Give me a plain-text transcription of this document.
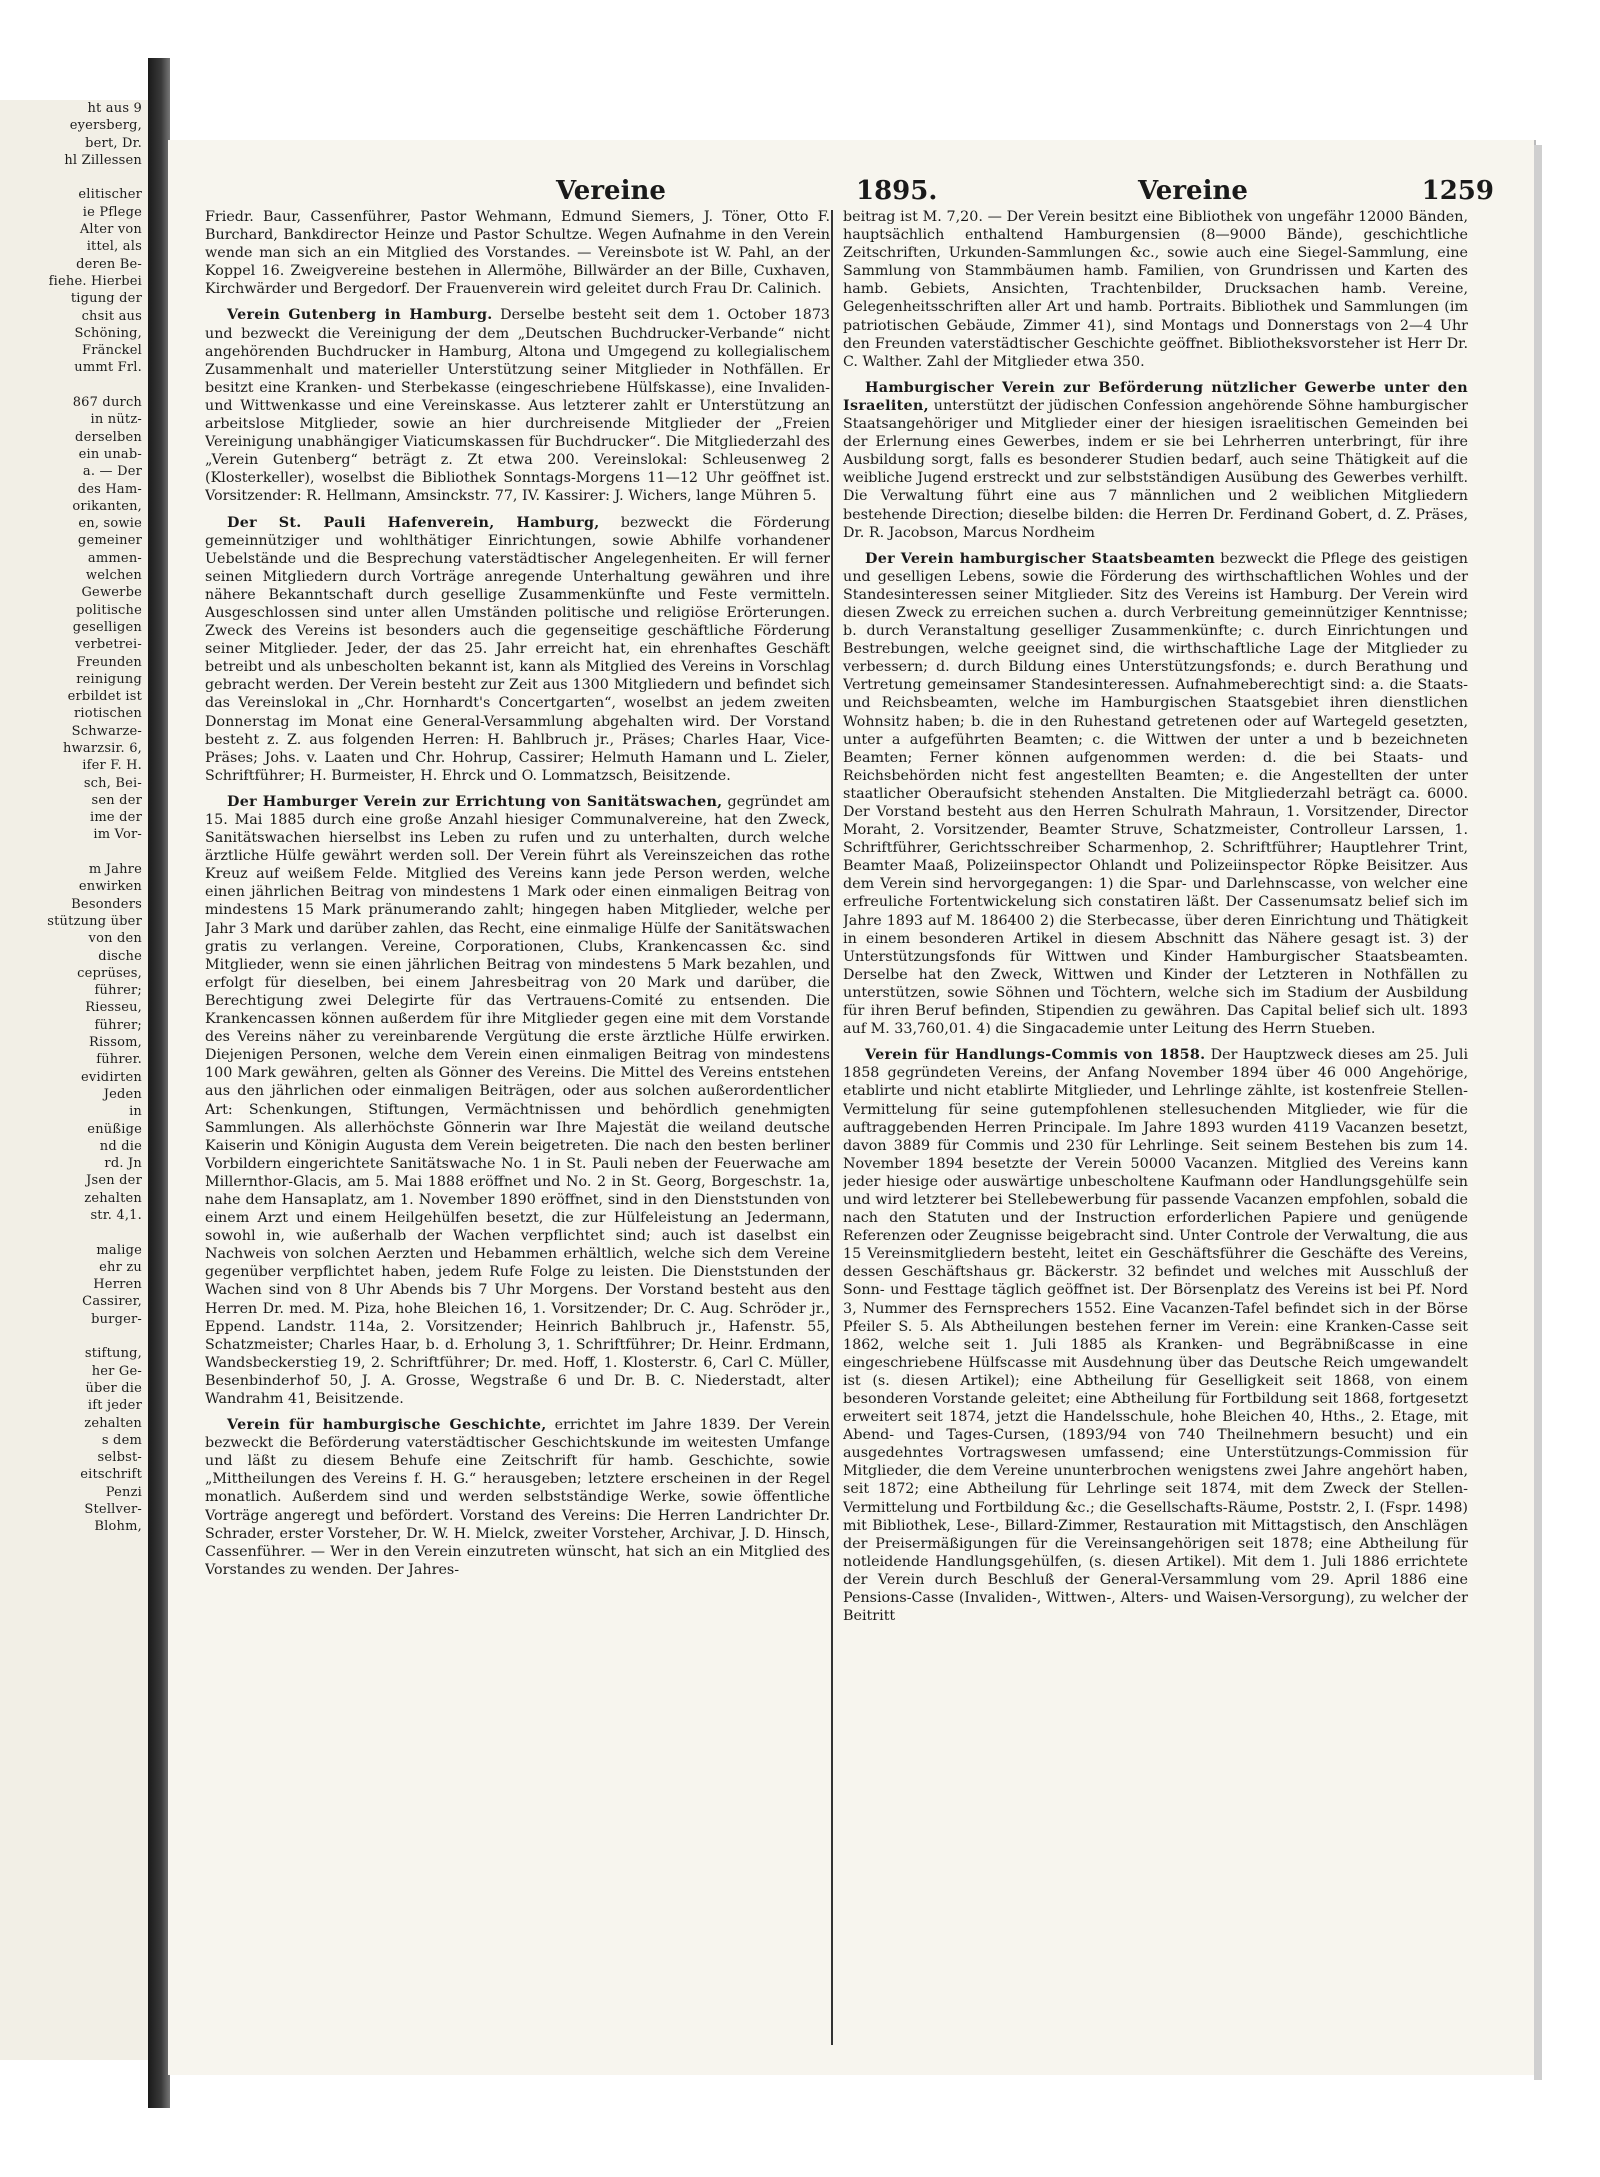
ht aus 9
eyersberg,
bert, Dr.
hl Zillessen

elitischer
ie Pflege
Alter von
ittel, als
deren Be-
fiehe. Hierbei
tigung der
chsit aus
Schöning,
Fränckel
ummt Frl.

867 durch
in nütz-
derselben
ein unab-
a. — Der
des Ham-
orikanten,
en, sowie
gemeiner
ammen-
welchen
Gewerbe
politische
geselligen
verbetrei-
Freunden
reinigung
erbildet ist
riotischen
Schwarze-
hwarzsir. 6,
ifer F. H.
sch, Bei-
sen der
ime der
im Vor-

m Jahre
enwirken
Besonders
stützung über
von den
dische
ceprüses,
führer;
Riesseu,
führer;
Rissom,
führer.
evidirten
Jeden
in
enüßige
nd die
rd. Jn
Jsen der
zehalten
str. 4,1.

malige
ehr zu
Herren
Cassirer,
burger-

stiftung,
her Ge-
über die
ift jeder
zehalten
s dem
selbst-
eitschrift
Penzi
Stellver-
Blohm,
Vereine	1895.	Vereine	1259

Friedr. Baur, Cassenführer, Pastor Wehmann, Edmund Siemers, J. Töner, Otto F. Burchard, Bankdirector Heinze und Pastor Schultze. Wegen Aufnahme in den Verein wende man sich an ein Mitglied des Vorstandes. — Vereinsbote ist W. Pahl, an der Koppel 16. Zweigvereine bestehen in Allermöhe, Billwärder an der Bille, Cuxhaven, Kirchwärder und Bergedorf. Der Frauenverein wird geleitet durch Frau Dr. Calinich.

Verein Gutenberg in Hamburg. Derselbe besteht seit dem 1. October 1873 und bezweckt die Vereinigung der dem „Deutschen Buchdrucker-Verbande“ nicht angehörenden Buchdrucker in Hamburg, Altona und Umgegend zu kollegialischem Zusammenhalt und materieller Unterstützung seiner Mitglieder in Nothfällen. Er besitzt eine Kranken- und Sterbekasse (eingeschriebene Hülfskasse), eine Invaliden- und Wittwenkasse und eine Vereinskasse. Aus letzterer zahlt er Unterstützung an arbeitslose Mitglieder, sowie an hier durchreisende Mitglieder der „Freien Vereinigung unabhängiger Viaticumskassen für Buchdrucker“. Die Mitgliederzahl des „Verein Gutenberg“ beträgt z. Zt etwa 200. Vereinslokal: Schleusenweg 2 (Klosterkeller), woselbst die Bibliothek Sonntags-Morgens 11—12 Uhr geöffnet ist. Vorsitzender: R. Hellmann, Amsinckstr. 77, IV. Kassirer: J. Wichers, lange Mühren 5.

Der St. Pauli Hafenverein, Hamburg, bezweckt die Förderung gemeinnütziger und wohlthätiger Einrichtungen, sowie Abhilfe vorhandener Uebelstände und die Besprechung vaterstädtischer Angelegenheiten. Er will ferner seinen Mitgliedern durch Vorträge anregende Unterhaltung gewähren und ihre nähere Bekanntschaft durch gesellige Zusammenkünfte und Feste vermitteln. Ausgeschlossen sind unter allen Umständen politische und religiöse Erörterungen. Zweck des Vereins ist besonders auch die gegenseitige geschäftliche Förderung seiner Mitglieder. Jeder, der das 25. Jahr erreicht hat, ein ehrenhaftes Geschäft betreibt und als unbescholten bekannt ist, kann als Mitglied des Vereins in Vorschlag gebracht werden. Der Verein besteht zur Zeit aus 1300 Mitgliedern und befindet sich das Vereinslokal in „Chr. Hornhardt's Concertgarten“, woselbst an jedem zweiten Donnerstag im Monat eine General-Versammlung abgehalten wird. Der Vorstand besteht z. Z. aus folgenden Herren: H. Bahlbruch jr., Präses; Charles Haar, Vice-Präses; Johs. v. Laaten und Chr. Hohrup, Cassirer; Helmuth Hamann und L. Zieler, Schriftführer; H. Burmeister, H. Ehrck und O. Lommatzsch, Beisitzende.

Der Hamburger Verein zur Errichtung von Sanitätswachen, gegründet am 15. Mai 1885 durch eine große Anzahl hiesiger Communalvereine, hat den Zweck, Sanitätswachen hierselbst ins Leben zu rufen und zu unterhalten, durch welche ärztliche Hülfe gewährt werden soll. Der Verein führt als Vereinszeichen das rothe Kreuz auf weißem Felde. Mitglied des Vereins kann jede Person werden, welche einen jährlichen Beitrag von mindestens 1 Mark oder einen einmaligen Beitrag von mindestens 15 Mark pränumerando zahlt; hingegen haben Mitglieder, welche per Jahr 3 Mark und darüber zahlen, das Recht, eine einmalige Hülfe der Sanitätswachen gratis zu verlangen. Vereine, Corporationen, Clubs, Krankencassen &c. sind Mitglieder, wenn sie einen jährlichen Beitrag von mindestens 5 Mark bezahlen, und erfolgt für dieselben, bei einem Jahresbeitrag von 20 Mark und darüber, die Berechtigung zwei Delegirte für das Vertrauens-Comité zu entsenden. Die Krankencassen können außerdem für ihre Mitglieder gegen eine mit dem Vorstande des Vereins näher zu vereinbarende Vergütung die erste ärztliche Hülfe erwirken. Diejenigen Personen, welche dem Verein einen einmaligen Beitrag von mindestens 100 Mark gewähren, gelten als Gönner des Vereins. Die Mittel des Vereins entstehen aus den jährlichen oder einmaligen Beiträgen, oder aus solchen außerordentlicher Art: Schenkungen, Stiftungen, Vermächtnissen und behördlich genehmigten Sammlungen. Als allerhöchste Gönnerin war Ihre Majestät die weiland deutsche Kaiserin und Königin Augusta dem Verein beigetreten. Die nach den besten berliner Vorbildern eingerichtete Sanitätswache No. 1 in St. Pauli neben der Feuerwache am Millernthor-Glacis, am 5. Mai 1888 eröffnet und No. 2 in St. Georg, Borgeschstr. 1a, nahe dem Hansaplatz, am 1. November 1890 eröffnet, sind in den Dienststunden von einem Arzt und einem Heilgehülfen besetzt, die zur Hülfeleistung an Jedermann, sowohl in, wie außerhalb der Wachen verpflichtet sind; auch ist daselbst ein Nachweis von solchen Aerzten und Hebammen erhältlich, welche sich dem Vereine gegenüber verpflichtet haben, jedem Rufe Folge zu leisten. Die Dienststunden der Wachen sind von 8 Uhr Abends bis 7 Uhr Morgens. Der Vorstand besteht aus den Herren Dr. med. M. Piza, hohe Bleichen 16, 1. Vorsitzender; Dr. C. Aug. Schröder jr., Eppend. Landstr. 114a, 2. Vorsitzender; Heinrich Bahlbruch jr., Hafenstr. 55, Schatzmeister; Charles Haar, b. d. Erholung 3, 1. Schriftführer; Dr. Heinr. Erdmann, Wandsbeckerstieg 19, 2. Schriftführer; Dr. med. Hoff, 1. Klosterstr. 6, Carl C. Müller, Besenbinderhof 50, J. A. Grosse, Wegstraße 6 und Dr. B. C. Niederstadt, alter Wandrahm 41, Beisitzende.

Verein für hamburgische Geschichte, errichtet im Jahre 1839. Der Verein bezweckt die Beförderung vaterstädtischer Geschichtskunde im weitesten Umfange und läßt zu diesem Behufe eine Zeitschrift für hamb. Geschichte, sowie „Mittheilungen des Vereins f. H. G.“ herausgeben; letztere erscheinen in der Regel monatlich. Außerdem sind und werden selbstständige Werke, sowie öffentliche Vorträge angeregt und befördert. Vorstand des Vereins: Die Herren Landrichter Dr. Schrader, erster Vorsteher, Dr. W. H. Mielck, zweiter Vorsteher, Archivar, J. D. Hinsch, Cassenführer. — Wer in den Verein einzutreten wünscht, hat sich an ein Mitglied des Vorstandes zu wenden. Der Jahres-

beitrag ist M. 7,20. — Der Verein besitzt eine Bibliothek von ungefähr 12000 Bänden, hauptsächlich enthaltend Hamburgensien (8—9000 Bände), geschichtliche Zeitschriften, Urkunden-Sammlungen &c., sowie auch eine Siegel-Sammlung, eine Sammlung von Stammbäumen hamb. Familien, von Grundrissen und Karten des hamb. Gebiets, Ansichten, Trachtenbilder, Drucksachen hamb. Vereine, Gelegenheitsschriften aller Art und hamb. Portraits. Bibliothek und Sammlungen (im patriotischen Gebäude, Zimmer 41), sind Montags und Donnerstags von 2—4 Uhr den Freunden vaterstädtischer Geschichte geöffnet. Bibliotheksvorsteher ist Herr Dr. C. Walther. Zahl der Mitglieder etwa 350.

Hamburgischer Verein zur Beförderung nützlicher Gewerbe unter den Israeliten, unterstützt der jüdischen Confession angehörende Söhne hamburgischer Staatsangehöriger und Mitglieder einer der hiesigen israelitischen Gemeinden bei der Erlernung eines Gewerbes, indem er sie bei Lehrherren unterbringt, für ihre Ausbildung sorgt, falls es besonderer Studien bedarf, auch seine Thätigkeit auf die weibliche Jugend erstreckt und zur selbstständigen Ausübung des Gewerbes verhilft. Die Verwaltung führt eine aus 7 männlichen und 2 weiblichen Mitgliedern bestehende Direction; dieselbe bilden: die Herren Dr. Ferdinand Gobert, d. Z. Präses, Dr. R. Jacobson, Marcus Nordheim

Der Verein hamburgischer Staatsbeamten bezweckt die Pflege des geistigen und geselligen Lebens, sowie die Förderung des wirthschaftlichen Wohles und der Standesinteressen seiner Mitglieder. Sitz des Vereins ist Hamburg. Der Verein wird diesen Zweck zu erreichen suchen a. durch Verbreitung gemeinnütziger Kenntnisse; b. durch Veranstaltung geselliger Zusammenkünfte; c. durch Einrichtungen und Bestrebungen, welche geeignet sind, die wirthschaftliche Lage der Mitglieder zu verbessern; d. durch Bildung eines Unterstützungsfonds; e. durch Berathung und Vertretung gemeinsamer Standesinteressen. Aufnahmeberechtigt sind: a. die Staats- und Reichsbeamten, welche im Hamburgischen Staatsgebiet ihren dienstlichen Wohnsitz haben; b. die in den Ruhestand getretenen oder auf Wartegeld gesetzten, unter a aufgeführten Beamten; c. die Wittwen der unter a und b bezeichneten Beamten; Ferner können aufgenommen werden: d. die bei Staats- und Reichsbehörden nicht fest angestellten Beamten; e. die Angestellten der unter staatlicher Oberaufsicht stehenden Anstalten. Die Mitgliederzahl beträgt ca. 6000. Der Vorstand besteht aus den Herren Schulrath Mahraun, 1. Vorsitzender, Director Moraht, 2. Vorsitzender, Beamter Struve, Schatzmeister, Controlleur Larssen, 1. Schriftführer, Gerichtsschreiber Scharmenhop, 2. Schriftführer; Hauptlehrer Trint, Beamter Maaß, Polizeiinspector Ohlandt und Polizeiinspector Röpke Beisitzer. Aus dem Verein sind hervorgegangen: 1) die Spar- und Darlehnscasse, von welcher eine erfreuliche Fortentwickelung sich constatiren läßt. Der Cassenumsatz belief sich im Jahre 1893 auf M. 186400 2) die Sterbecasse, über deren Einrichtung und Thätigkeit in einem besonderen Artikel in diesem Abschnitt das Nähere gesagt ist. 3) der Unterstützungsfonds für Wittwen und Kinder Hamburgischer Staatsbeamten. Derselbe hat den Zweck, Wittwen und Kinder der Letzteren in Nothfällen zu unterstützen, sowie Söhnen und Töchtern, welche sich im Stadium der Ausbildung für ihren Beruf befinden, Stipendien zu gewähren. Das Capital belief sich ult. 1893 auf M. 33,760,01. 4) die Singacademie unter Leitung des Herrn Stueben.

Verein für Handlungs-Commis von 1858. Der Hauptzweck dieses am 25. Juli 1858 gegründeten Vereins, der Anfang November 1894 über 46 000 Angehörige, etablirte und nicht etablirte Mitglieder, und Lehrlinge zählte, ist kostenfreie Stellen-Vermittelung für seine gutempfohlenen stellesuchenden Mitglieder, wie für die auftraggebenden Herren Principale. Im Jahre 1893 wurden 4119 Vacanzen besetzt, davon 3889 für Commis und 230 für Lehrlinge. Seit seinem Bestehen bis zum 14. November 1894 besetzte der Verein 50000 Vacanzen. Mitglied des Vereins kann jeder hiesige oder auswärtige unbescholtene Kaufmann oder Handlungsgehülfe sein und wird letzterer bei Stellebewerbung für passende Vacanzen empfohlen, sobald die nach den Statuten und der Instruction erforderlichen Papiere und genügende Referenzen oder Zeugnisse beigebracht sind. Unter Controle der Verwaltung, die aus 15 Vereinsmitgliedern besteht, leitet ein Geschäftsführer die Geschäfte des Vereins, dessen Geschäftshaus gr. Bäckerstr. 32 befindet und welches mit Ausschluß der Sonn- und Festtage täglich geöffnet ist. Der Börsenplatz des Vereins ist bei Pf. Nord 3, Nummer des Fernsprechers 1552. Eine Vacanzen-Tafel befindet sich in der Börse Pfeiler S. 5. Als Abtheilungen bestehen ferner im Verein: eine Kranken-Casse seit 1862, welche seit 1. Juli 1885 als Kranken- und Begräbnißcasse in eine eingeschriebene Hülfscasse mit Ausdehnung über das Deutsche Reich umgewandelt ist (s. diesen Artikel); eine Abtheilung für Geselligkeit seit 1868, von einem besonderen Vorstande geleitet; eine Abtheilung für Fortbildung seit 1868, fortgesetzt erweitert seit 1874, jetzt die Handelsschule, hohe Bleichen 40, Hths., 2. Etage, mit Abend- und Tages-Cursen, (1893/94 von 740 Theilnehmern besucht) und ein ausgedehntes Vortragswesen umfassend; eine Unterstützungs-Commission für Mitglieder, die dem Vereine ununterbrochen wenigstens zwei Jahre angehört haben, seit 1872; eine Abtheilung für Lehrlinge seit 1874, mit dem Zweck der Stellen-Vermittelung und Fortbildung &c.; die Gesellschafts-Räume, Poststr. 2, I. (Fspr. 1498) mit Bibliothek, Lese-, Billard-Zimmer, Restauration mit Mittagstisch, den Anschlägen der Preisermäßigungen für die Vereinsangehörigen seit 1878; eine Abtheilung für notleidende Handlungsgehülfen, (s. diesen Artikel). Mit dem 1. Juli 1886 errichtete der Verein durch Beschluß der General-Versammlung vom 29. April 1886 eine Pensions-Casse (Invaliden-, Wittwen-, Alters- und Waisen-Versorgung), zu welcher der Beitritt
